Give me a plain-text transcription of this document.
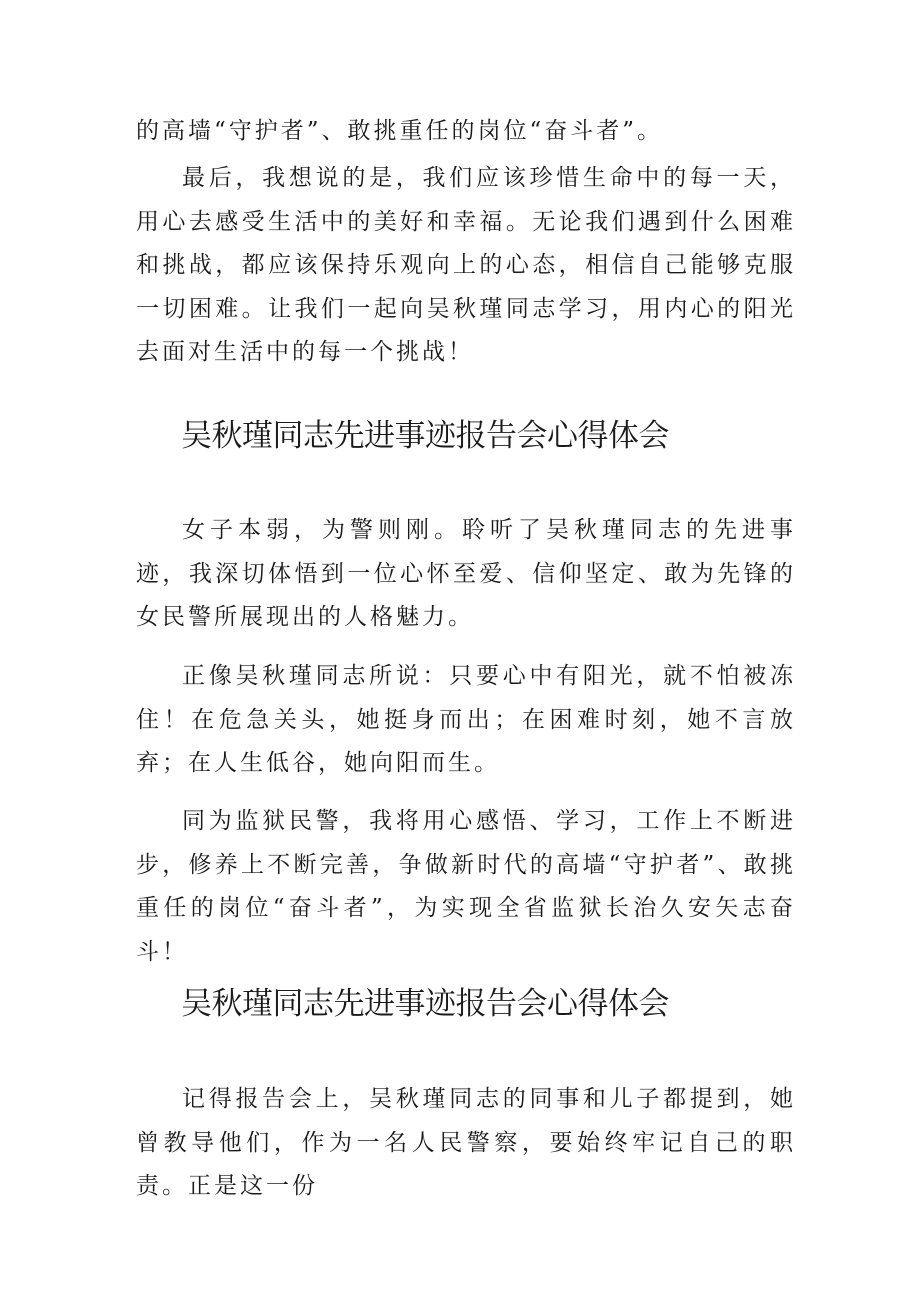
的高墙“守护者”、敢挑重任的岗位“奋斗者”。

最后，我想说的是，我们应该珍惜生命中的每一天，用心去感受生活中的美好和幸福。无论我们遇到什么困难和挑战，都应该保持乐观向上的心态，相信自己能够克服一切困难。让我们一起向吴秋瑾同志学习，用内心的阳光去面对生活中的每一个挑战！

吴秋瑾同志先进事迹报告会心得体会

女子本弱，为警则刚。聆听了吴秋瑾同志的先进事迹，我深切体悟到一位心怀至爱、信仰坚定、敢为先锋的女民警所展现出的人格魅力。

正像吴秋瑾同志所说：只要心中有阳光，就不怕被冻住！在危急关头，她挺身而出；在困难时刻，她不言放弃；在人生低谷，她向阳而生。

同为监狱民警，我将用心感悟、学习，工作上不断进步，修养上不断完善，争做新时代的高墙“守护者”、敢挑重任的岗位“奋斗者”，为实现全省监狱长治久安矢志奋斗！

吴秋瑾同志先进事迹报告会心得体会

记得报告会上，吴秋瑾同志的同事和儿子都提到，她曾教导他们，作为一名人民警察，要始终牢记自己的职责。正是这一份
